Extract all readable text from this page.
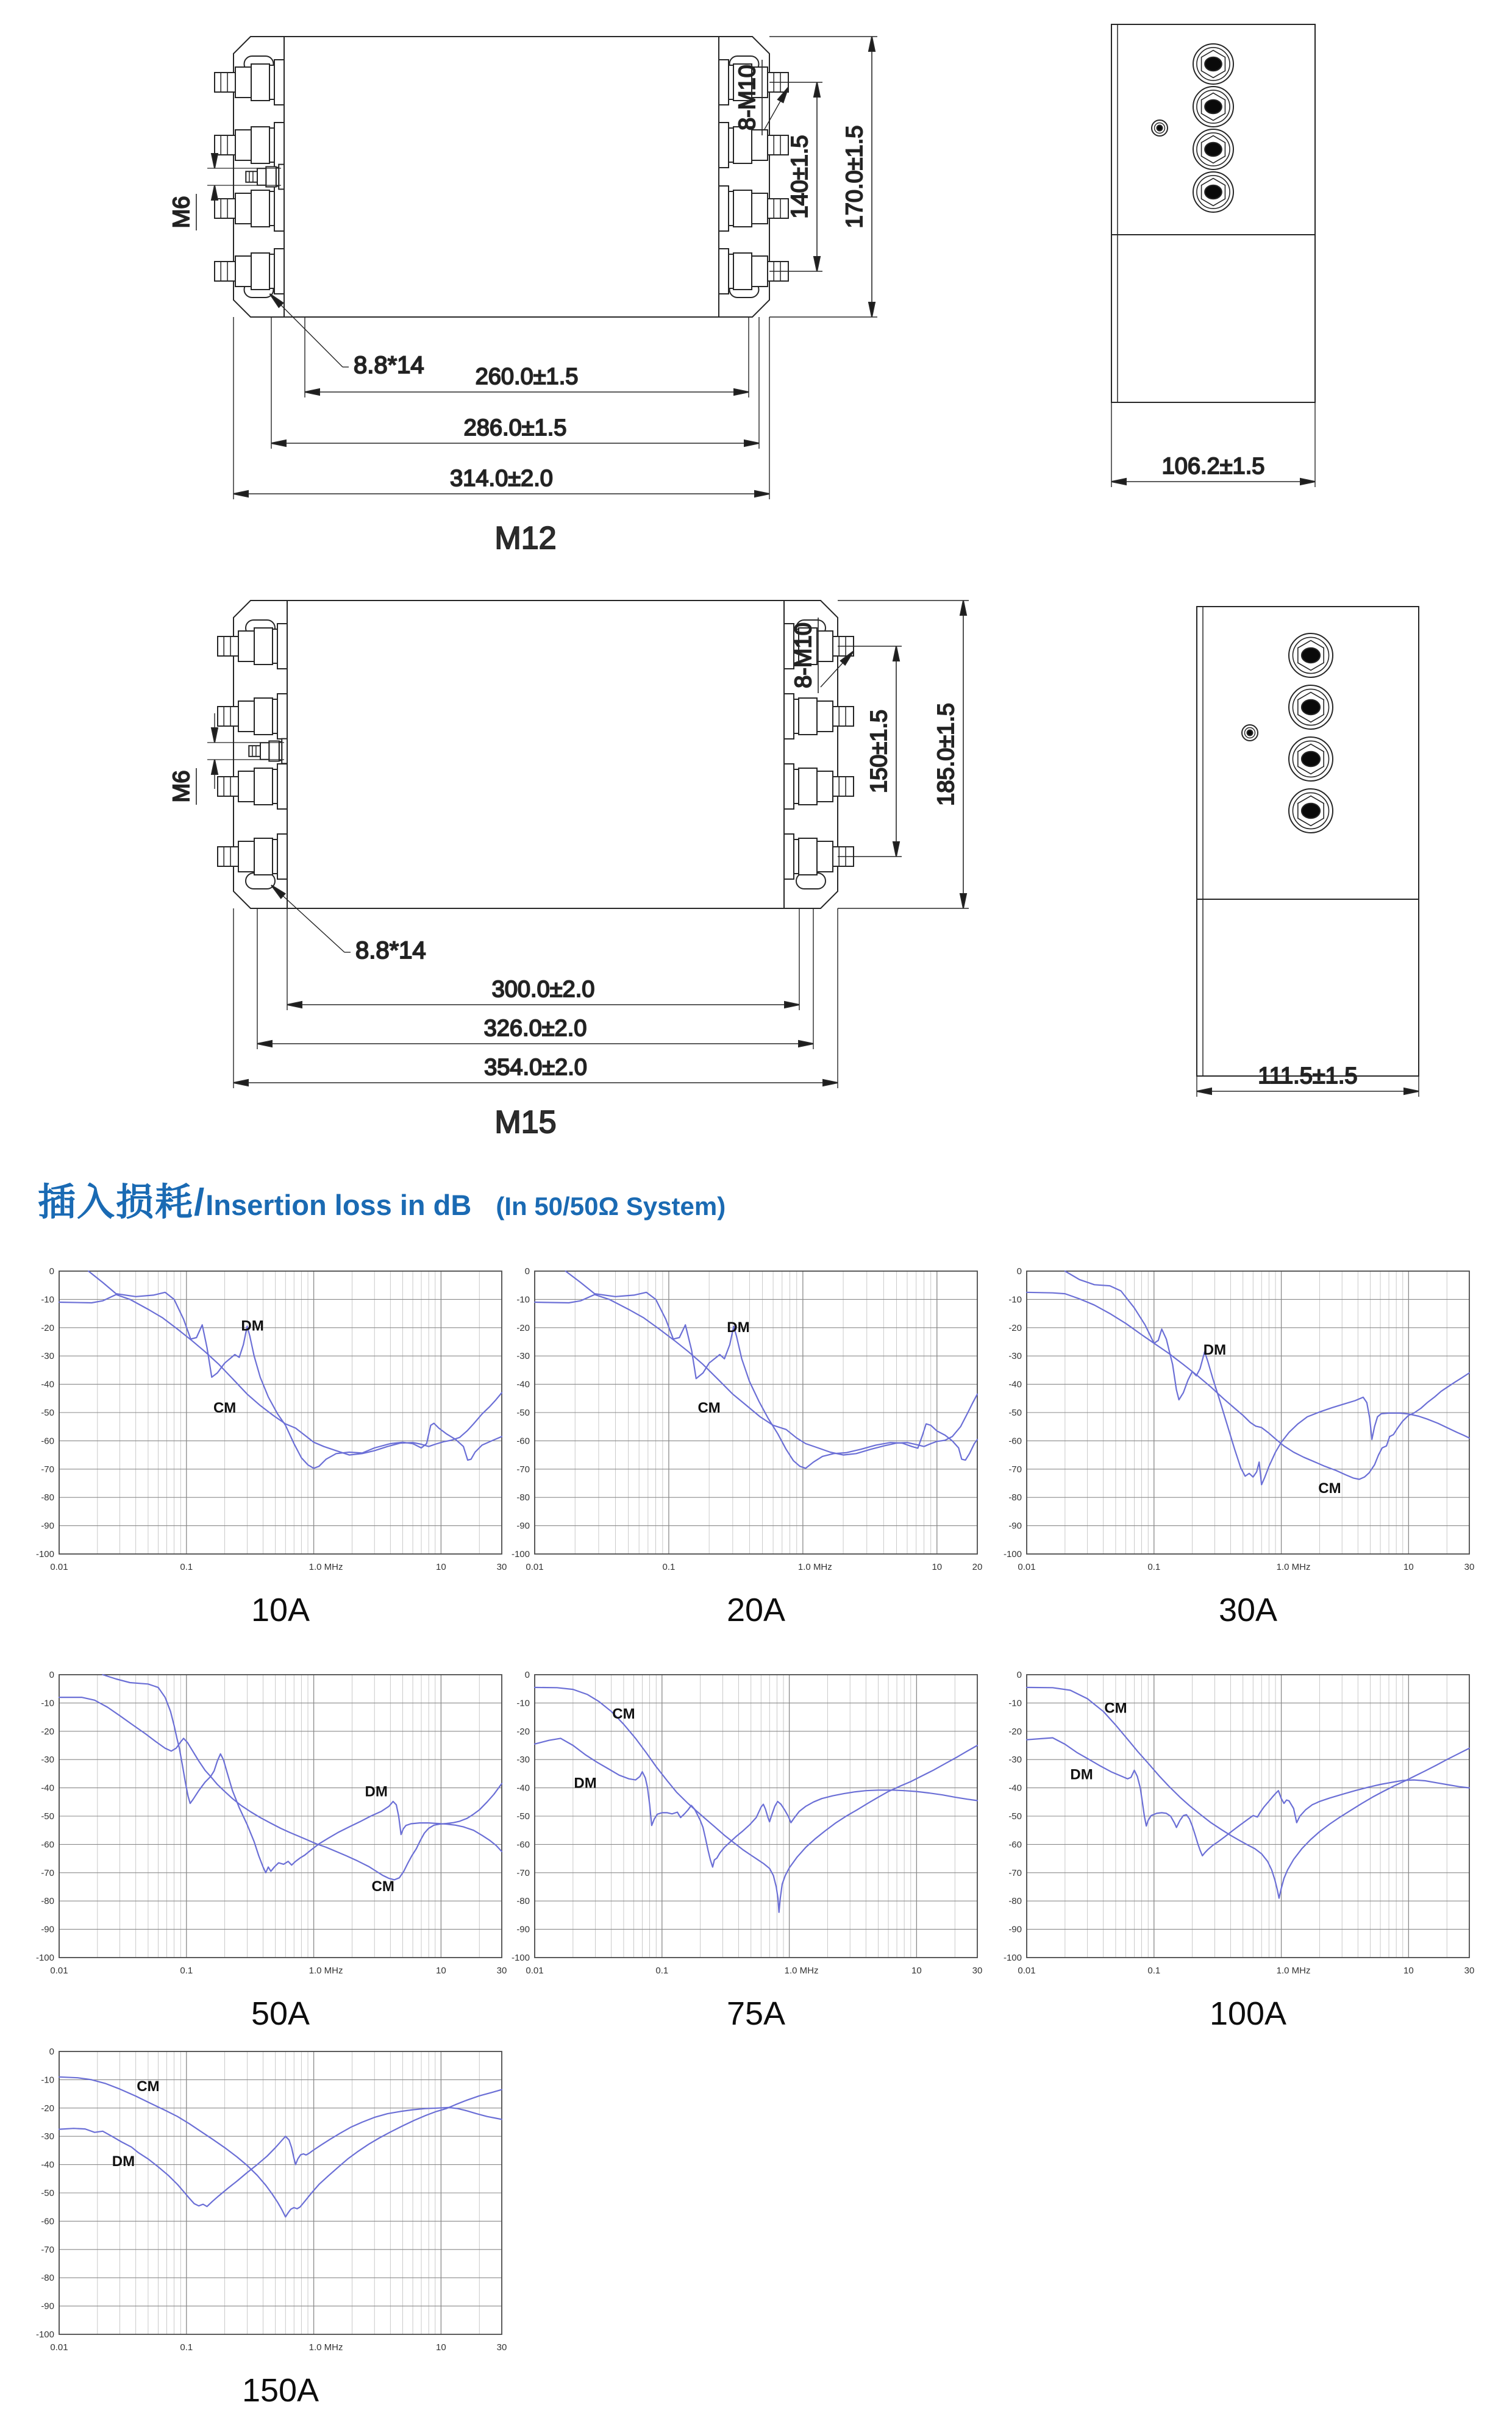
260.0±1.5
286.0±1.5
314.0±2.0
140±1.5 170.0±1.5
106.2±1.5
8-M10
M6
8.8*14
M12
300.0±2.0
326.0±2.0
354.0±2.0
150±1.5 185.0±1.5
111.5±1.5
8-M10
M6
8.8*14
M15
插入损耗/Insertion loss in dB (In 50/50Ω System)
0
-10
-20
-30
-40
-50
-60
-70
-80
-90
-100
0.01	0.1	1.0 MHz	10	30
DM
CM
10A
0
-10
-20
-30
-40
-50
-60
-70
-80
-90
-100
0.01	0.1	1.0 MHz	10	20
DM
CM
20A
0
-10
-20
-30
-40
-50
-60
-70
-80
-90
-100
0.01	0.1	1.0 MHz	10	30
DM
CM
30A
0
-10
-20
-30
-40
-50
-60
-70
-80
-90
-100
0.01	0.1	1.0 MHz	10	30
DM
CM
50A
0
-10
-20
-30
-40
-50
-60
-70
-80
-90
-100
0.01	0.1	1.0 MHz	10	30
CM
DM
75A
0
-10
-20
-30
-40
-50
-60
-70
-80
-90
-100
0.01	0.1	1.0 MHz	10	30
CM
DM
100A
0
-10
-20
-30
-40
-50
-60
-70
-80
-90
-100
0.01	0.1	1.0 MHz	10	30
CM
DM
150A
